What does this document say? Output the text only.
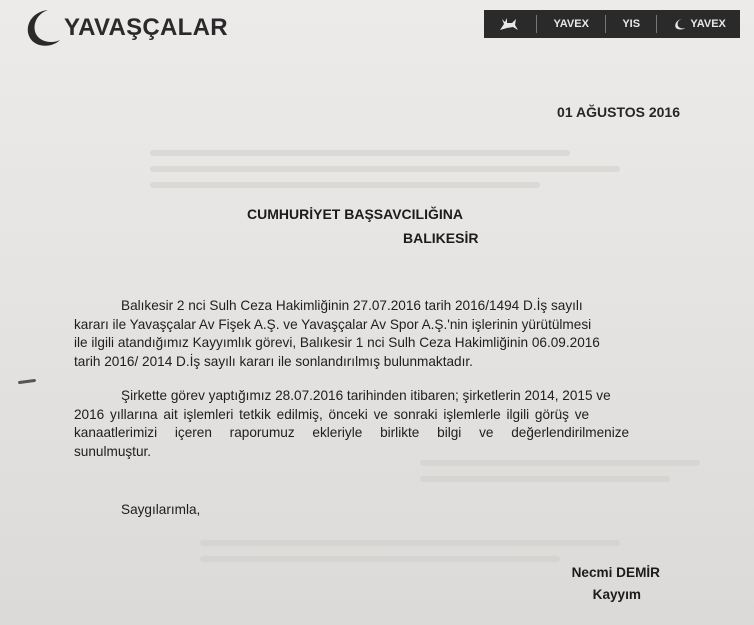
YAVAŞÇALAR	YAVEX	YIS	YAVEX
01 AĞUSTOS 2016
CUMHURİYET BAŞSAVCILIĞINA
BALIKESİR
Balıkesir 2 nci Sulh Ceza Hakimliğinin 27.07.2016 tarih 2016/1494 D.İş sayılı
kararı ile Yavaşçalar Av Fişek A.Ş. ve Yavaşçalar Av Spor A.Ş.'nin işlerinin yürütülmesi
ile ilgili atandığımız Kayyımlık görevi, Balıkesir 1 nci Sulh Ceza Hakimliğinin 06.09.2016
tarih 2016/ 2014 D.İş sayılı kararı ile sonlandırılmış bulunmaktadır.
Şirkette görev yaptığımız 28.07.2016 tarihinden itibaren; şirketlerin 2014, 2015 ve
2016 yıllarına ait işlemleri tetkik edilmiş, önceki ve sonraki işlemlerle ilgili görüş ve
kanaatlerimizi içeren raporumuz ekleriyle birlikte bilgi ve değerlendirilmenize
sunulmuştur.
Saygılarımla,
Necmi DEMİR
Kayyım
